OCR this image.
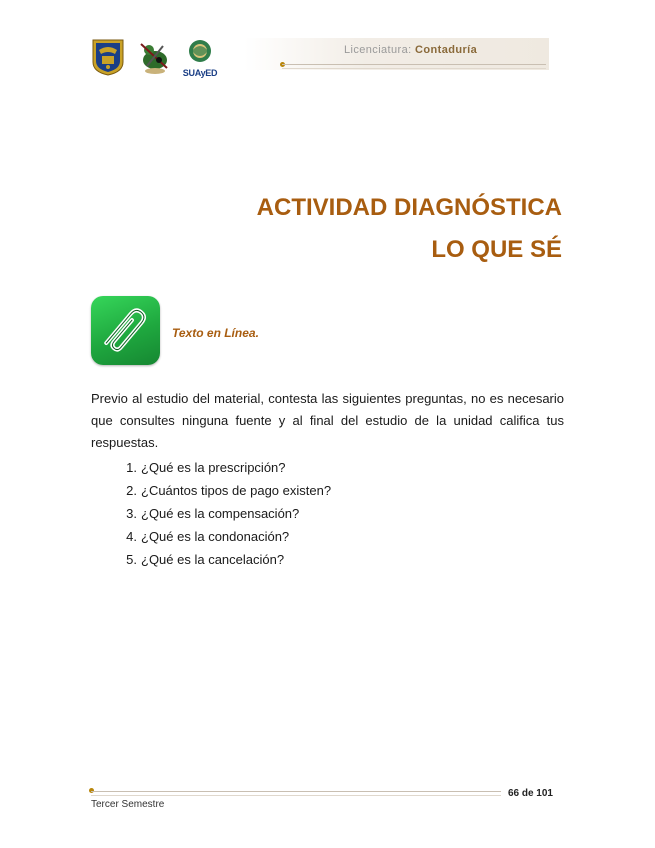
SUAyED
Licenciatura: Contaduría
ACTIVIDAD DIAGNÓSTICA
LO QUE SÉ
Texto en Línea.
Previo al estudio del material, contesta las siguientes preguntas, no es necesario que consultes ninguna fuente y al final del estudio de la unidad califica tus respuestas.
1. ¿Qué es la prescripción?
2. ¿Cuántos tipos de pago existen?
3. ¿Qué es la compensación?
4. ¿Qué es la condonación?
5. ¿Qué es la cancelación?
66 de 101
Tercer Semestre
